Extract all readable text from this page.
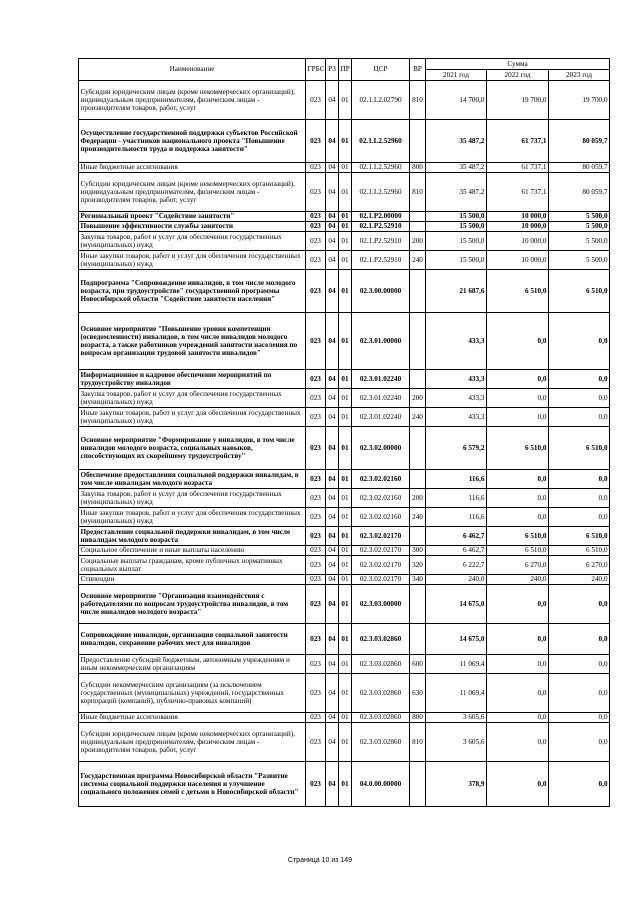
Наименование	ГРБС	РЗ	ПР	ЦСР	ВР	Сумма		
						2021 год	2022 год	2023 год
Субсидии юридическим лицам (кроме некоммерческих организаций), индивидуальным предпринимателям, физическим лицам - производителям товаров, работ, услуг	023	04	01	02.1.L2.02790	810	14 700,0	19 700,0	19 700,0
Осуществление государственной поддержки субъектов Российской Федерации - участников национального проекта "Повышение производительности труда и поддержка занятости"	023	04	01	02.1.L2.52960		35 487,2	61 737,1	80 059,7
Иные бюджетные ассигнования	023	04	01	02.1.L2.52960	800	35 487,2	61 737,1	80 059,7
Субсидии юридическим лицам (кроме некоммерческих организаций), индивидуальным предпринимателям, физическим лицам - производителям товаров, работ, услуг	023	04	01	02.1.L2.52960	810	35 487,2	61 737,1	80 059,7
Региональный проект "Содействие занятости"	023	04	01	02.1.P2.00000		15 500,0	10 000,0	5 500,0
Повышение эффективности службы занятости	023	04	01	02.1.P2.52910		15 500,0	10 000,0	5 500,0
Закупка товаров, работ и услуг для обеспечения государственных (муниципальных) нужд	023	04	01	02.1.P2.52910	200	15 500,0	10 000,0	5 500,0
Иные закупки товаров, работ и услуг для обеспечения государственных (муниципальных) нужд	023	04	01	02.1.P2.52910	240	15 500,0	10 000,0	5 500,0
Подпрограмма "Сопровождение инвалидов, в том числе молодого возраста, при трудоустройстве" государственной программы Новосибирской области "Содействие занятости населения"	023	04	01	02.3.00.00000		21 687,6	6 510,0	6 510,0
Основное мероприятие "Повышение уровня компетенции (осведомленности) инвалидов, в том числе инвалидов молодого возраста, а также работников учреждений занятости населения по вопросам организации трудовой занятости инвалидов"	023	04	01	02.3.01.00000		433,3	0,0	0,0
Информационное и кадровое обеспечение мероприятий по трудоустройству инвалидов	023	04	01	02.3.01.02240		433,3	0,0	0,0
Закупка товаров, работ и услуг для обеспечения государственных (муниципальных) нужд	023	04	01	02.3.01.02240	200	433,3	0,0	0,0
Иные закупки товаров, работ и услуг для обеспечения государственных (муниципальных) нужд	023	04	01	02.3.01.02240	240	433,3	0,0	0,0
Основное мероприятие "Формирование у инвалидов, в том числе инвалидов молодого возраста, социальных навыков, способствующих их скорейшему трудоустройству"	023	04	01	02.3.02.00000		6 579,2	6 510,0	6 510,0
Обеспечение предоставления социальной поддержки инвалидам, в том числе инвалидам молодого возраста	023	04	01	02.3.02.02160		116,6	0,0	0,0
Закупка товаров, работ и услуг для обеспечения государственных (муниципальных) нужд	023	04	01	02.3.02.02160	200	116,6	0,0	0,0
Иные закупки товаров, работ и услуг для обеспечения государственных (муниципальных) нужд	023	04	01	02.3.02.02160	240	116,6	0,0	0,0
Предоставление социальной поддержки инвалидам, в том числе инвалидам молодого возраста	023	04	01	02.3.02.02170		6 462,7	6 510,0	6 510,0
Социальное обеспечение и иные выплаты населению	023	04	01	02.3.02.02170	300	6 462,7	6 510,0	6 510,0
Социальные выплаты гражданам, кроме публичных нормативных социальных выплат	023	04	01	02.3.02.02170	320	6 222,7	6 270,0	6 270,0
Стипендии	023	04	01	02.3.02.02170	340	240,0	240,0	240,0
Основное мероприятие "Организация взаимодействия с работодателями по вопросам трудоустройства инвалидов, в том числе инвалидов молодого возраста"	023	04	01	02.3.03.00000		14 675,0	0,0	0,0
Сопровождение инвалидов, организация социальной занятости инвалидов, сохранение рабочих мест для инвалидов	023	04	01	02.3.03.02860		14 675,0	0,0	0,0
Предоставление субсидий бюджетным, автономным учреждениям и иным некоммерческим организациям	023	04	01	02.3.03.02860	600	11 069,4	0,0	0,0
Субсидии некоммерческим организациям (за исключением государственных (муниципальных) учреждений, государственных корпораций (компаний), публично-правовых компаний)	023	04	01	02.3.03.02860	630	11 069,4	0,0	0,0
Иные бюджетные ассигнования	023	04	01	02.3.03.02860	800	3 605,6	0,0	0,0
Субсидии юридическим лицам (кроме некоммерческих организаций), индивидуальным предпринимателям, физическим лицам - производителям товаров, работ, услуг	023	04	01	02.3.03.02860	810	3 605,6	0,0	0,0
Государственная программа Новосибирской области "Развитие системы социальной поддержки населения и улучшение социального положения семей с детьми в Новосибирской области"	023	04	01	04.0.00.00000		378,9	0,0	0,0
Страница 10 из 149
